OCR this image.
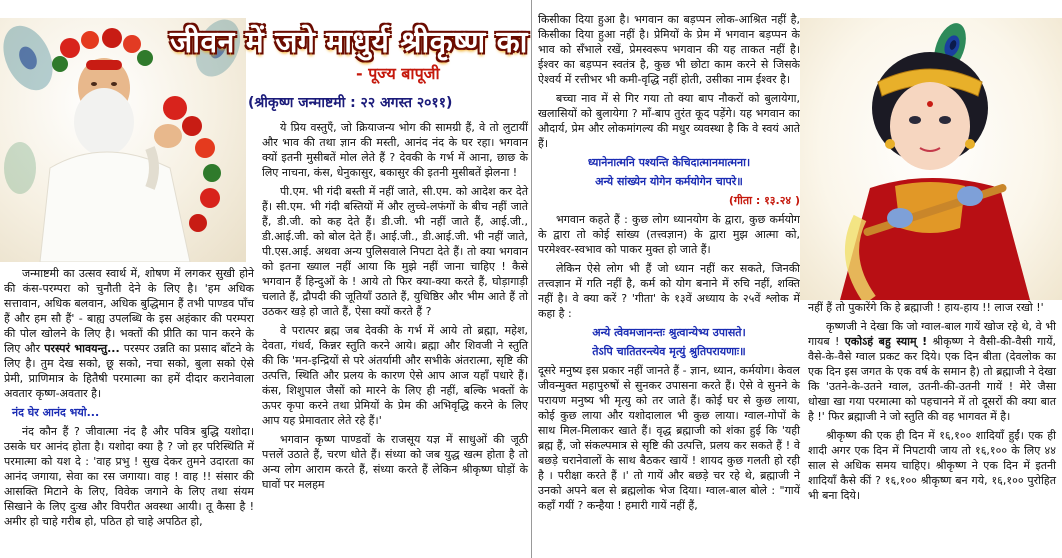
जीवन में जगे माधुर्य श्रीकृष्ण का

- पूज्य बापूजी

(श्रीकृष्ण जन्माष्टमी : २२ अगस्त २०११)

जन्माष्टमी का उत्सव स्वार्थ में, शोषण में लगकर सुखी होने की कंस-परम्परा को चुनौती देने के लिए है। 'हम अधिक सत्तावान, अधिक बलवान, अधिक बुद्धिमान हैं तभी पाण्डव पाँच हैं और हम सौ हैं' - बाह्य उपलब्धि के इस अहंकार की परम्परा की पोल खोलने के लिए है। भक्तों की प्रीति का पान करने के लिए और परस्परं भावयन्तु... परस्पर उन्नति का प्रसाद बाँटने के लिए है। तुम देख सको, छू सको, नचा सको, बुला सको ऐसे प्रेमी, प्राणिमात्र के हितैषी परमात्मा का हमें दीदार करानेवाला अवतार कृष्ण-अवतार है।

नंद घेर आनंद भयो...

नंद कौन हैं ? जीवात्मा नंद है और पवित्र बुद्धि यशोदा। उसके घर आनंद होता है। यशोदा क्या है ? जो हर परिस्थिति में परमात्मा को यश दे : 'वाह प्रभु ! सुख देकर तुमने उदारता का आनंद जगाया, सेवा का रस जगाया। वाह ! वाह !! संसार की आसक्ति मिटाने के लिए, विवेक जगाने के लिए तथा संयम सिखाने के लिए दुःख और विपरीत अवस्था आयी। तू कैसा है ! अमीर हो चाहे गरीब हो, पठित हो चाहे अपठित हो,

ये प्रिय वस्तुएँ, जो क्रियाजन्य भोग की सामग्री हैं, वे तो लुटायीं और भाव की तथा ज्ञान की मस्ती, आनंद नंद के घर रहा। भगवान क्यों इतनी मुसीबतें मोल लेते हैं ? देवकी के गर्भ में आना, छाछ के लिए नाचना, कंस, धेनुकासुर, बकासुर की इतनी मुसीबतें झेलना !

पी.एम. भी गंदी बस्ती में नहीं जाते, सी.एम. को आदेश कर देते हैं। सी.एम. भी गंदी बस्तियों में और लुच्चे-लफंगों के बीच नहीं जाते हैं, डी.जी. को कह देते हैं। डी.जी. भी नहीं जाते हैं, आई.जी., डी.आई.जी. को बोल देते हैं। आई.जी., डी.आई.जी. भी नहीं जाते, पी.एस.आई. अथवा अन्य पुलिसवाले निपटा देते हैं। तो क्या भगवान को इतना ख्याल नहीं आया कि मुझे नहीं जाना चाहिए ! कैसे भगवान हैं हिन्दुओं के ! आये तो फिर क्या-क्या करते हैं, घोड़ागाड़ी चलाते हैं, द्रौपदी की जूतियाँ उठाते हैं, युधिष्ठिर और भीम आते हैं तो उठकर खड़े हो जाते हैं, ऐसा क्यों करते हैं ?

वे परात्पर ब्रह्म जब देवकी के गर्भ में आये तो ब्रह्मा, महेश, देवता, गंधर्व, किन्नर स्तुति करने आये। ब्रह्मा और शिवजी ने स्तुति की कि 'मन-इन्द्रियों से परे अंतर्यामी और सभीके अंतरात्मा, सृष्टि की उत्पत्ति, स्थिति और प्रलय के कारण ऐसे आप आज यहाँ पधारे हैं। कंस, शिशुपाल जैसों को मारने के लिए ही नहीं, बल्कि भक्तों के ऊपर कृपा करने तथा प्रेमियों के प्रेम की अभिवृद्धि करने के लिए आप यह प्रेमावतार लेते रहे हैं।'

भगवान कृष्ण पाण्डवों के राजसूय यज्ञ में साधुओं की जूठी पत्तलें उठाते हैं, चरण धोते हैं। संध्या को जब युद्ध खत्म होता है तो अन्य लोग आराम करते हैं, संध्या करते हैं लेकिन श्रीकृष्ण घोड़ों के घावों पर मलहम

किसीका दिया हुआ है। भगवान का बड़प्पन लोक-आश्रित नहीं है, किसीका दिया हुआ नहीं है। प्रेमियों के प्रेम में भगवान बड़प्पन के भाव को सँभाले रखें, प्रेमस्वरूप भगवान की यह ताकत नहीं है। ईश्वर का बड़प्पन स्वतंत्र है, कुछ भी छोटा काम करने से जिसके ऐश्वर्य में रत्तीभर भी कमी-वृद्धि नहीं होती, उसीका नाम ईश्वर है।

बच्चा नाव में से गिर गया तो क्या बाप नौकरों को बुलायेगा, खलासियों को बुलायेगा ? माँ-बाप तुरंत कूद पड़ेंगे। यह भगवान का औदार्य, प्रेम और लोकमांगल्य की मधुर व्यवस्था है कि वे स्वयं आते हैं।

ध्यानेनात्मनि पश्यन्ति केचिदात्मानमात्मना।

अन्ये सांख्येन योगेन कर्मयोगेन चापरे॥

(गीता : १३.२४ )

भगवान कहते हैं : कुछ लोग ध्यानयोग के द्वारा, कुछ कर्मयोग के द्वारा तो कोई सांख्य (तत्त्वज्ञान) के द्वारा मुझ आत्मा को, परमेश्वर-स्वभाव को पाकर मुक्त हो जाते हैं।

लेकिन ऐसे लोग भी हैं जो ध्यान नहीं कर सकते, जिनकी तत्त्वज्ञान में गति नहीं है, कर्म को योग बनाने में रुचि नहीं, शक्ति नहीं है। वे क्या करें ? 'गीता' के १३वें अध्याय के २५वें श्लोक में कहा है :

अन्ये त्वेवमजानन्तः श्रुत्वान्येभ्य उपासते।

तेऽपि चातितरन्त्येव मृत्युं श्रुतिपरायणाः॥

दूसरे मनुष्य इस प्रकार नहीं जानते हैं - ज्ञान, ध्यान, कर्मयोग। केवल जीवन्मुक्त महापुरुषों से सुनकर उपासना करते हैं। ऐसे वे सुनने के परायण मनुष्य भी मृत्यु को तर जाते हैं। कोई घर से कुछ लाया, कोई कुछ लाया और यशोदालाल भी कुछ लाया। ग्वाल-गोपों के साथ मिल-मिलाकर खाते हैं। वृद्ध ब्रह्माजी को शंका हुई कि 'यही ब्रह्म हैं, जो संकल्पमात्र से सृष्टि की उत्पत्ति, प्रलय कर सकते हैं ! वे बछड़े चरानेवालों के साथ बैठकर खायें ! शायद कुछ गलती हो रही है । परीक्षा करते हैं ।' तो गायें और बछड़े चर रहे थे, ब्रह्माजी ने उनको अपने बल से ब्रह्मलोक भेज दिया। ग्वाल-बाल बोले : "गायें कहाँ गयीं ? कन्हैया ! हमारी गायें नहीं हैं,

नहीं हैं तो पुकारेंगे कि हे ब्रह्माजी ! हाय-हाय !! लाज रखो !'

कृष्णजी ने देखा कि जो ग्वाल-बाल गायें खोज रहे थे, वे भी गायब ! एकोऽहं बहु स्याम् ! श्रीकृष्ण ने वैसी-की-वैसी गायें, वैसे-के-वैसे ग्वाल प्रकट कर दिये। एक दिन बीता (देवलोक का एक दिन इस जगत के एक वर्ष के समान है) तो ब्रह्माजी ने देखा कि 'उतने-के-उतने ग्वाल, उतनी-की-उतनी गायें ! मेरे जैसा धोखा खा गया परमात्मा को पहचानने में तो दूसरों की क्या बात है !' फिर ब्रह्माजी ने जो स्तुति की वह भागवत में है।

श्रीकृष्ण की एक ही दिन में १६,१०० शादियाँ हुईं। एक ही शादी अगर एक दिन में निपटायी जाय तो १६,१०० के लिए ४४ साल से अधिक समय चाहिए। श्रीकृष्ण ने एक दिन में इतनी शादियाँ कैसे कीं ? १६,१०० श्रीकृष्ण बन गये, १६,१०० पुरोहित भी बना दिये।
